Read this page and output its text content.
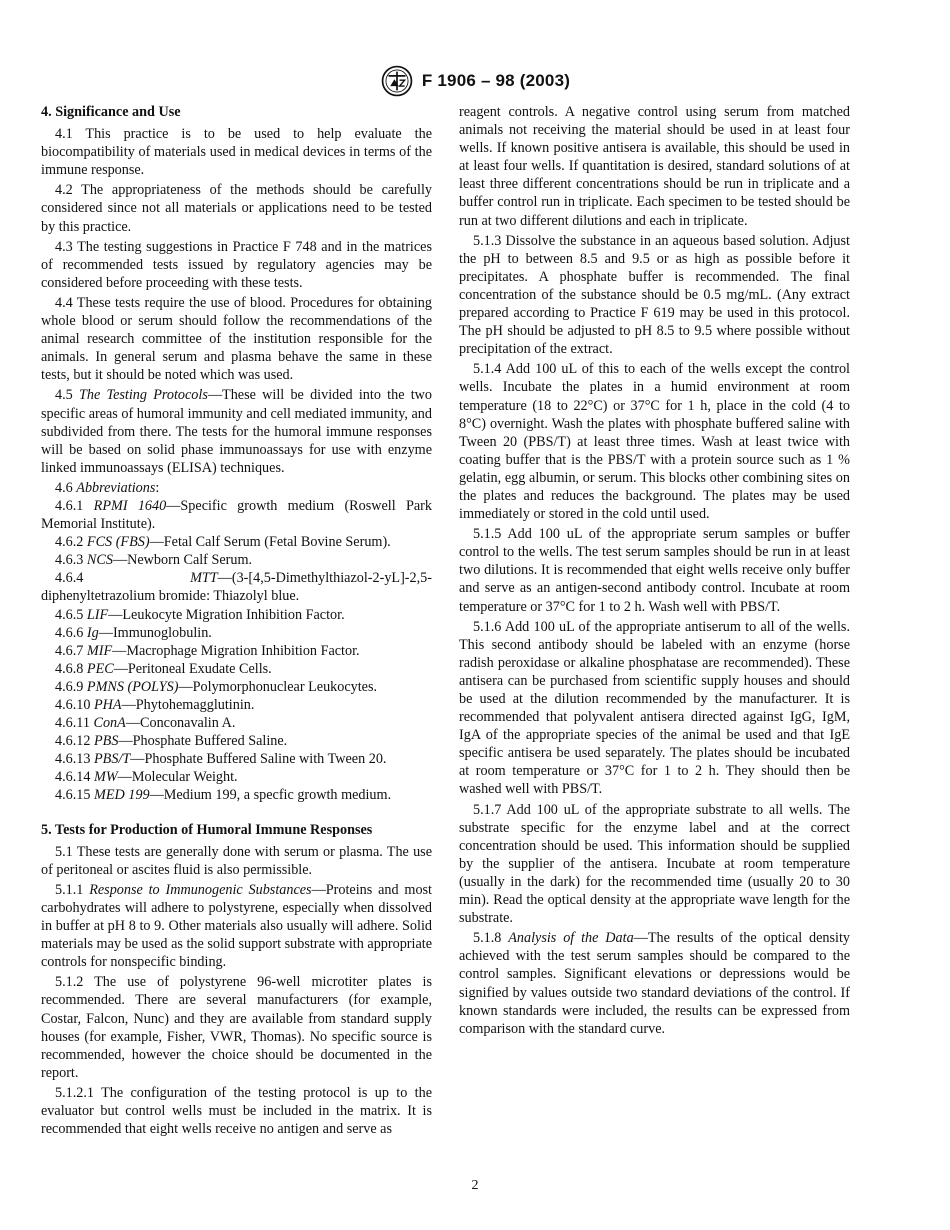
F 1906 – 98 (2003)
4. Significance and Use

4.1 This practice is to be used to help evaluate the biocompatibility of materials used in medical devices in terms of the immune response.

4.2 The appropriateness of the methods should be carefully considered since not all materials or applications need to be tested by this practice.

4.3 The testing suggestions in Practice F 748 and in the matrices of recommended tests issued by regulatory agencies may be considered before proceeding with these tests.

4.4 These tests require the use of blood. Procedures for obtaining whole blood or serum should follow the recommendations of the animal research committee of the institution responsible for the animals. In general serum and plasma behave the same in these tests, but it should be noted which was used.

4.5 The Testing Protocols—These will be divided into the two specific areas of humoral immunity and cell mediated immunity, and subdivided from there. The tests for the humoral immune responses will be based on solid phase immunoassays for use with enzyme linked immunoassays (ELISA) techniques.

4.6 Abbreviations:

4.6.1 RPMI 1640—Specific growth medium (Roswell Park Memorial Institute).

4.6.2 FCS (FBS)—Fetal Calf Serum (Fetal Bovine Serum).

4.6.3 NCS—Newborn Calf Serum.

4.6.4 MTT—(3-[4,5-Dimethylthiazol-2-yL]-2,5-diphenyltetrazolium bromide: Thiazolyl blue.

4.6.5 LIF—Leukocyte Migration Inhibition Factor.

4.6.6 Ig—Immunoglobulin.

4.6.7 MIF—Macrophage Migration Inhibition Factor.

4.6.8 PEC—Peritoneal Exudate Cells.

4.6.9 PMNS (POLYS)—Polymorphonuclear Leukocytes.

4.6.10 PHA—Phytohemagglutinin.

4.6.11 ConA—Conconavalin A.

4.6.12 PBS—Phosphate Buffered Saline.

4.6.13 PBS/T—Phosphate Buffered Saline with Tween 20.

4.6.14 MW—Molecular Weight.

4.6.15 MED 199—Medium 199, a specfic growth medium.

5. Tests for Production of Humoral Immune Responses

5.1 These tests are generally done with serum or plasma. The use of peritoneal or ascites fluid is also permissible.

5.1.1 Response to Immunogenic Substances—Proteins and most carbohydrates will adhere to polystyrene, especially when dissolved in buffer at pH 8 to 9. Other materials also usually will adhere. Solid materials may be used as the solid support substrate with appropriate controls for nonspecific binding.

5.1.2 The use of polystyrene 96-well microtiter plates is recommended. There are several manufacturers (for example, Costar, Falcon, Nunc) and they are available from standard supply houses (for example, Fisher, VWR, Thomas). No specific source is recommended, however the choice should be documented in the report.

5.1.2.1 The configuration of the testing protocol is up to the evaluator but control wells must be included in the matrix. It is recommended that eight wells receive no antigen and serve as

reagent controls. A negative control using serum from matched animals not receiving the material should be used in at least four wells. If known positive antisera is available, this should be used in at least four wells. If quantitation is desired, standard solutions of at least three different concentrations should be run in triplicate and a buffer control run in triplicate. Each specimen to be tested should be run at two different dilutions and each in triplicate.

5.1.3 Dissolve the substance in an aqueous based solution. Adjust the pH to between 8.5 and 9.5 or as high as possible before it precipitates. A phosphate buffer is recommended. The final concentration of the substance should be 0.5 mg/mL. (Any extract prepared according to Practice F 619 may be used in this protocol. The pH should be adjusted to pH 8.5 to 9.5 where possible without precipitation of the extract.

5.1.4 Add 100 uL of this to each of the wells except the control wells. Incubate the plates in a humid environment at room temperature (18 to 22°C) or 37°C for 1 h, place in the cold (4 to 8°C) overnight. Wash the plates with phosphate buffered saline with Tween 20 (PBS/T) at least three times. Wash at least twice with coating buffer that is the PBS/T with a protein source such as 1 % gelatin, egg albumin, or serum. This blocks other combining sites on the plates and reduces the background. The plates may be used immediately or stored in the cold until used.

5.1.5 Add 100 uL of the appropriate serum samples or buffer control to the wells. The test serum samples should be run in at least two dilutions. It is recommended that eight wells receive only buffer and serve as an antigen-second antibody control. Incubate at room temperature or 37°C for 1 to 2 h. Wash well with PBS/T.

5.1.6 Add 100 uL of the appropriate antiserum to all of the wells. This second antibody should be labeled with an enzyme (horse radish peroxidase or alkaline phosphatase are recommended). These antisera can be purchased from scientific supply houses and should be used at the dilution recommended by the manufacturer. It is recommended that polyvalent antisera directed against IgG, IgM, IgA of the appropriate species of the animal be used and that IgE specific antisera be used separately. The plates should be incubated at room temperature or 37°C for 1 to 2 h. They should then be washed well with PBS/T.

5.1.7 Add 100 uL of the appropriate substrate to all wells. The substrate specific for the enzyme label and at the correct concentration should be used. This information should be supplied by the supplier of the antisera. Incubate at room temperature (usually in the dark) for the recommended time (usually 20 to 30 min). Read the optical density at the appropriate wave length for the substrate.

5.1.8 Analysis of the Data—The results of the optical density achieved with the test serum samples should be compared to the control samples. Significant elevations or depressions would be signified by values outside two standard deviations of the control. If known standards were included, the results can be expressed from comparison with the standard curve.

2
